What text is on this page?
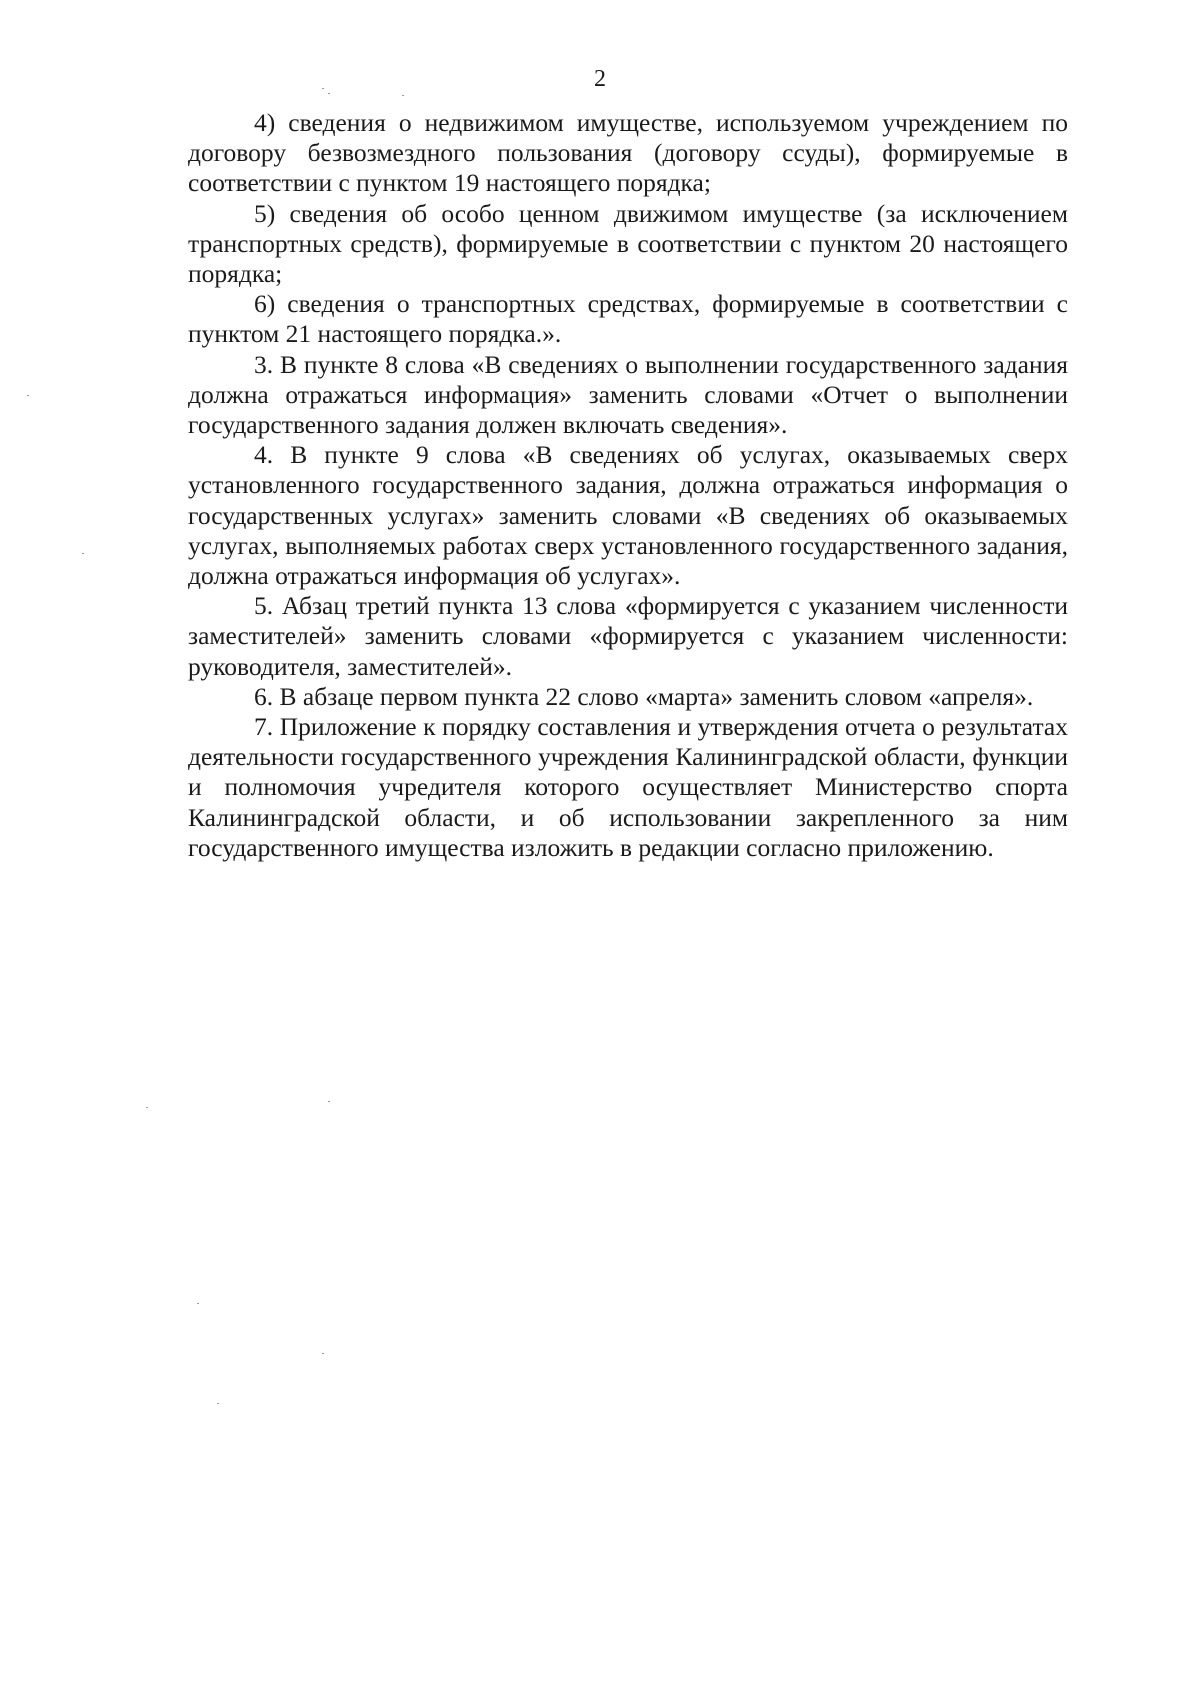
2

4) сведения о недвижимом имуществе, используемом учреждением по договору безвозмездного пользования (договору ссуды), формируемые в соответствии с пунктом 19 настоящего порядка;

5) сведения об особо ценном движимом имуществе (за исключением транспортных средств), формируемые в соответствии с пунктом 20 настоящего порядка;

6) сведения о транспортных средствах, формируемые в соответствии с пунктом 21 настоящего порядка.».

3. В пункте 8 слова «В сведениях о выполнении государственного задания должна отражаться информация» заменить словами «Отчет о выполнении государственного задания должен включать сведения».

4. В пункте 9 слова «В сведениях об услугах, оказываемых сверх установленного государственного задания, должна отражаться информация о государственных услугах» заменить словами «В сведениях об оказываемых услугах, выполняемых работах сверх установленного государственного задания, должна отражаться информация об услугах».

5. Абзац третий пункта 13 слова «формируется с указанием численности заместителей» заменить словами «формируется с указанием численности: руководителя, заместителей».

6. В абзаце первом пункта 22 слово «марта» заменить словом «апреля».

7. Приложение к порядку составления и утверждения отчета о результатах деятельности государственного учреждения Калининградской области, функции и полномочия учредителя которого осуществляет Министерство спорта Калининградской области, и об использовании закрепленного за ним государственного имущества изложить в редакции согласно приложению.
